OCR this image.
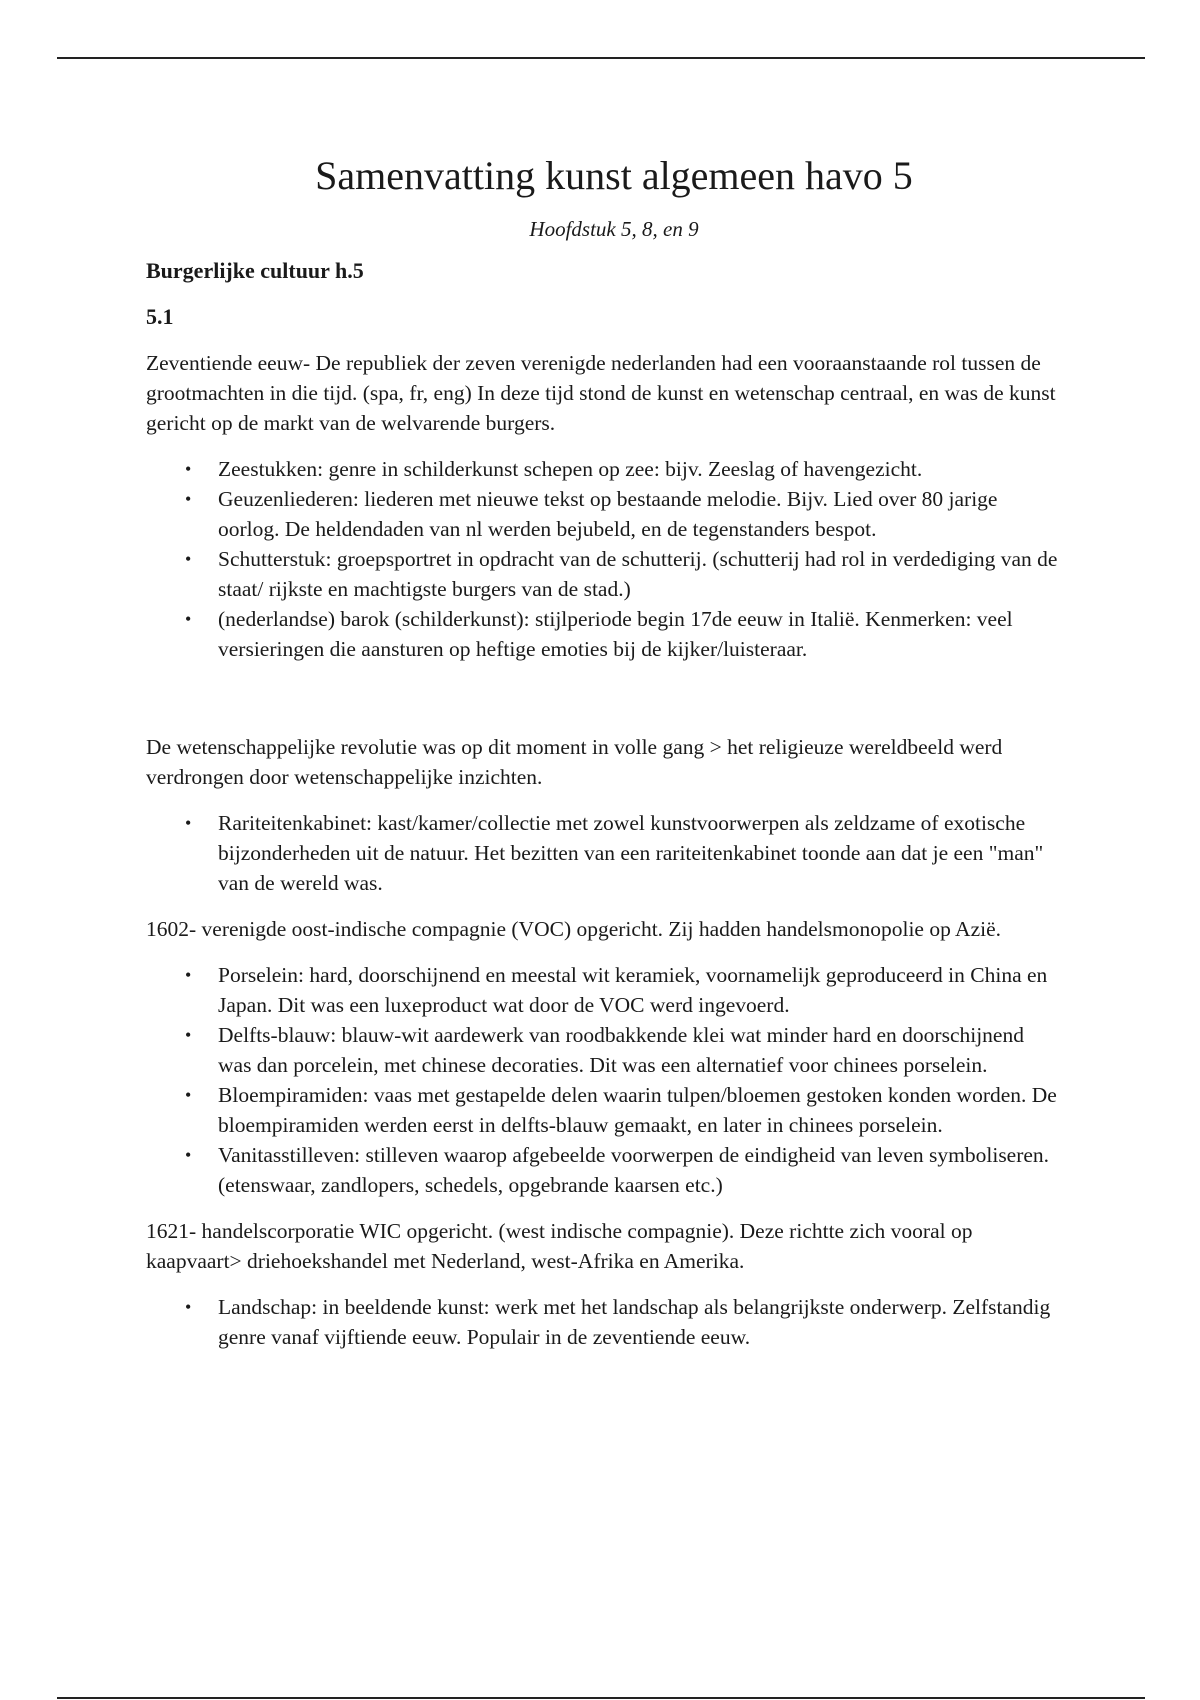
Samenvatting kunst algemeen havo 5

Hoofdstuk 5, 8, en 9

Burgerlijke cultuur h.5

5.1

Zeventiende eeuw- De republiek der zeven verenigde nederlanden had een vooraanstaande rol tussen de grootmachten in die tijd. (spa, fr, eng) In deze tijd stond de kunst en wetenschap centraal, en was de kunst gericht op de markt van de welvarende burgers.

• Zeestukken: genre in schilderkunst schepen op zee: bijv. Zeeslag of havengezicht.
• Geuzenliederen: liederen met nieuwe tekst op bestaande melodie. Bijv. Lied over 80 jarige oorlog. De heldendaden van nl werden bejubeld, en de tegenstanders bespot.
• Schutterstuk: groepsportret in opdracht van de schutterij. (schutterij had rol in verdediging van de staat/ rijkste en machtigste burgers van de stad.)
• (nederlandse) barok (schilderkunst): stijlperiode begin 17de eeuw in Italië. Kenmerken: veel versieringen die aansturen op heftige emoties bij de kijker/luisteraar.

De wetenschappelijke revolutie was op dit moment in volle gang > het religieuze wereldbeeld werd verdrongen door wetenschappelijke inzichten.

• Rariteitenkabinet: kast/kamer/collectie met zowel kunstvoorwerpen als zeldzame of exotische bijzonderheden uit de natuur. Het bezitten van een rariteitenkabinet toonde aan dat je een "man" van de wereld was.

1602- verenigde oost-indische compagnie (VOC) opgericht. Zij hadden handelsmonopolie op Azië.

• Porselein: hard, doorschijnend en meestal wit keramiek, voornamelijk geproduceerd in China en Japan. Dit was een luxeproduct wat door de VOC werd ingevoerd.
• Delfts-blauw: blauw-wit aardewerk van roodbakkende klei wat minder hard en doorschijnend was dan porcelein, met chinese decoraties. Dit was een alternatief voor chinees porselein.
• Bloempiramiden: vaas met gestapelde delen waarin tulpen/bloemen gestoken konden worden. De bloempiramiden werden eerst in delfts-blauw gemaakt, en later in chinees porselein.
• Vanitasstilleven: stilleven waarop afgebeelde voorwerpen de eindigheid van leven symboliseren. (etenswaar, zandlopers, schedels, opgebrande kaarsen etc.)

1621- handelscorporatie WIC opgericht. (west indische compagnie). Deze richtte zich vooral op kaapvaart> driehoekshandel met Nederland, west-Afrika en Amerika.

• Landschap: in beeldende kunst: werk met het landschap als belangrijkste onderwerp. Zelfstandig genre vanaf vijftiende eeuw. Populair in de zeventiende eeuw.
